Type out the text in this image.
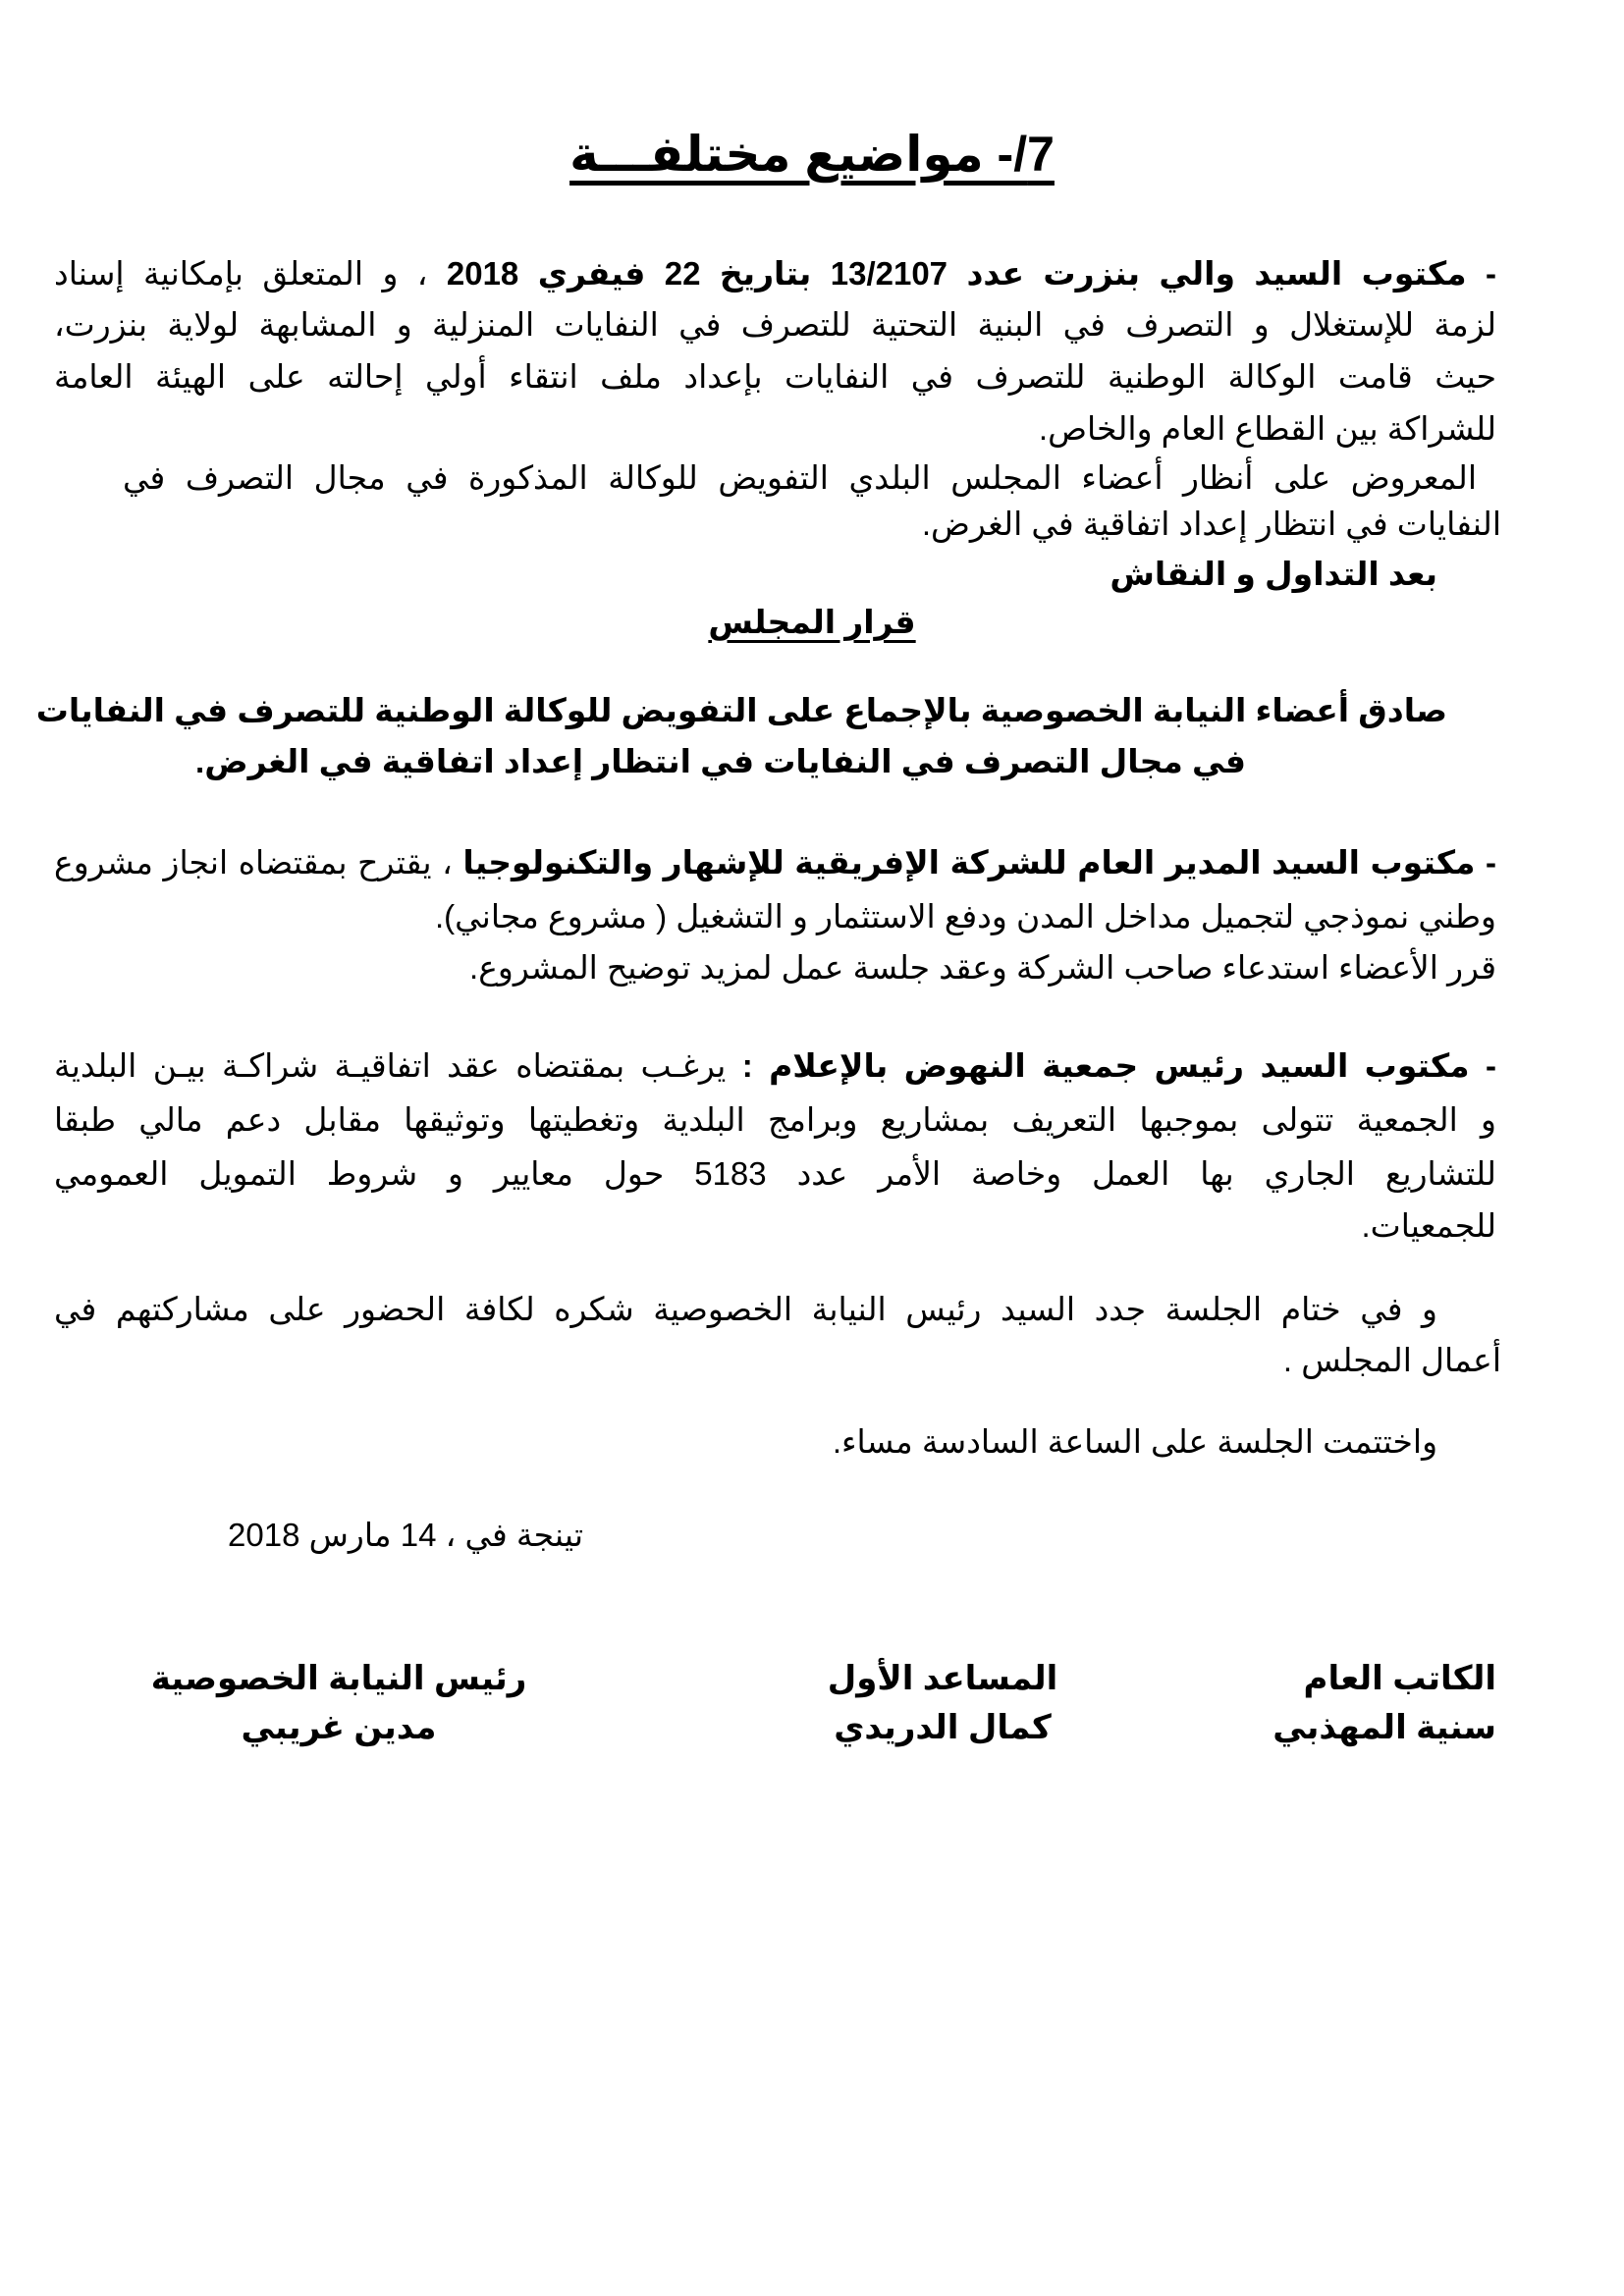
7/- مواضيع مختلفـــة

- مكتوب السيد والي بنزرت عدد 13/2107 بتاريخ 22 فيفري 2018 ، و المتعلق بإمكانية إسناد

لزمة للإستغلال و التصرف في البنية التحتية للتصرف في النفايات المنزلية و المشابهة لولاية بنزرت،

حيث قامت الوكالة الوطنية للتصرف في النفايات بإعداد ملف انتقاء أولي إحالته على الهيئة العامة

للشراكة بين القطاع العام والخاص.

المعروض على أنظار أعضاء المجلس البلدي التفويض للوكالة المذكورة في مجال التصرف في

النفايات في انتظار إعداد اتفاقية في الغرض.

بعد التداول و النقاش

قرار المجلس

صادق أعضاء النيابة الخصوصية بالإجماع على التفويض للوكالة الوطنية للتصرف في النفايات

في مجال التصرف في النفايات في انتظار إعداد اتفاقية في الغرض.

- مكتوب السيد المدير العام للشركة الإفريقية للإشهار والتكنولوجيا ، يقترح بمقتضاه انجاز مشروع

وطني نموذجي لتجميل مداخل المدن ودفع الاستثمار و التشغيل ( مشروع مجاني).

قرر الأعضاء استدعاء صاحب الشركة وعقد جلسة عمل لمزيد توضيح المشروع.

- مكتوب السيد رئيس جمعية النهوض بالإعلام : يرغـب بمقتضاه عقد اتفاقيـة شراكـة بيـن البلدية

و الجمعية تتولى بموجبها التعريف بمشاريع وبرامج البلدية وتغطيتها وتوثيقها مقابل دعم مالي طبقا

للتشاريع الجاري بها العمل وخاصة الأمر عدد 5183 حول معايير و شروط التمويل العمومي

للجمعيات.

و في ختام الجلسة جدد السيد رئيس النيابة الخصوصية شكره لكافة الحضور على مشاركتهم في

أعمال المجلس .

واختتمت الجلسة على الساعة السادسة مساء.

تينجة في ، 14 مارس 2018

الكاتب العام
سنية المهذبي
المساعد الأول
كمال الدريدي
رئيس النيابة الخصوصية
مدين غريبي
